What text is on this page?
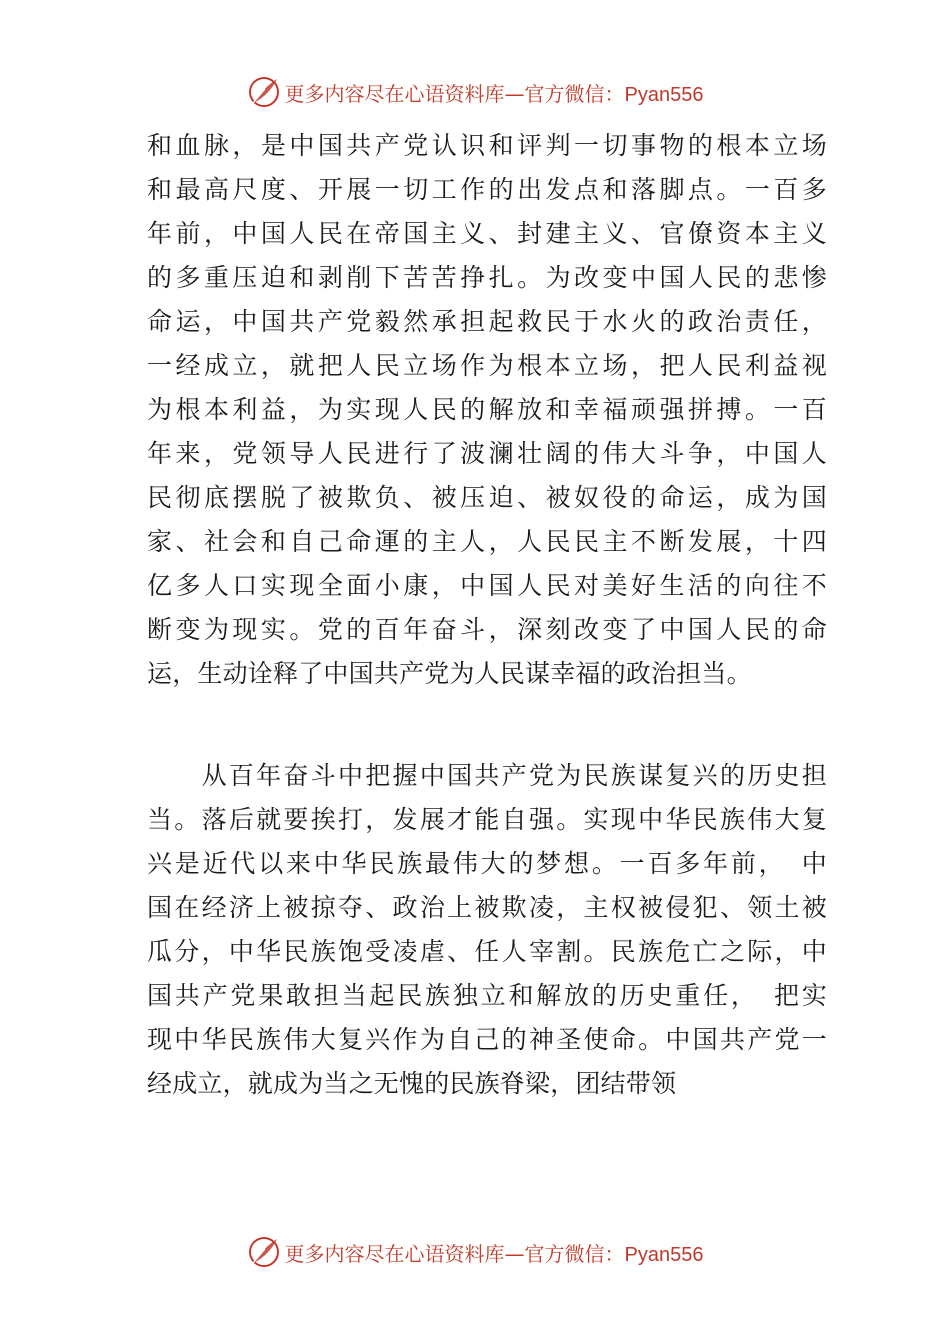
更多内容尽在心语资料库—官方微信：Pyan556
和血脉，是中国共产党认识和评判一切事物的根本立场
和最高尺度、开展一切工作的出发点和落脚点。一百多
年前，中国人民在帝国主义、封建主义、官僚资本主义
的多重压迫和剥削下苦苦挣扎。为改变中国人民的悲惨
命运，中国共产党毅然承担起救民于水火的政治责任，
一经成立，就把人民立场作为根本立场，把人民利益视
为根本利益，为实现人民的解放和幸福顽强拼搏。一百
年来，党领导人民进行了波澜壮阔的伟大斗争，中国人
民彻底摆脱了被欺负、被压迫、被奴役的命运，成为国
家、社会和自己命運的主人，人民民主不断发展，十四
亿多人口实现全面小康，中国人民对美好生活的向往不
断变为现实。党的百年奋斗，深刻改变了中国人民的命
运，生动诠释了中国共产党为人民谋幸福的政治担当。
　　从百年奋斗中把握中国共产党为民族谋复兴的历史担
当。落后就要挨打，发展才能自强。实现中华民族伟大复
兴是近代以来中华民族最伟大的梦想。一百多年前，　中
国在经济上被掠夺、政治上被欺凌，主权被侵犯、领土被
瓜分，中华民族饱受凌虐、任人宰割。民族危亡之际，中
国共产党果敢担当起民族独立和解放的历史重任，　把实
现中华民族伟大复兴作为自己的神圣使命。中国共产党一
经成立，就成为当之无愧的民族脊梁，团结带领
更多内容尽在心语资料库—官方微信：Pyan556
